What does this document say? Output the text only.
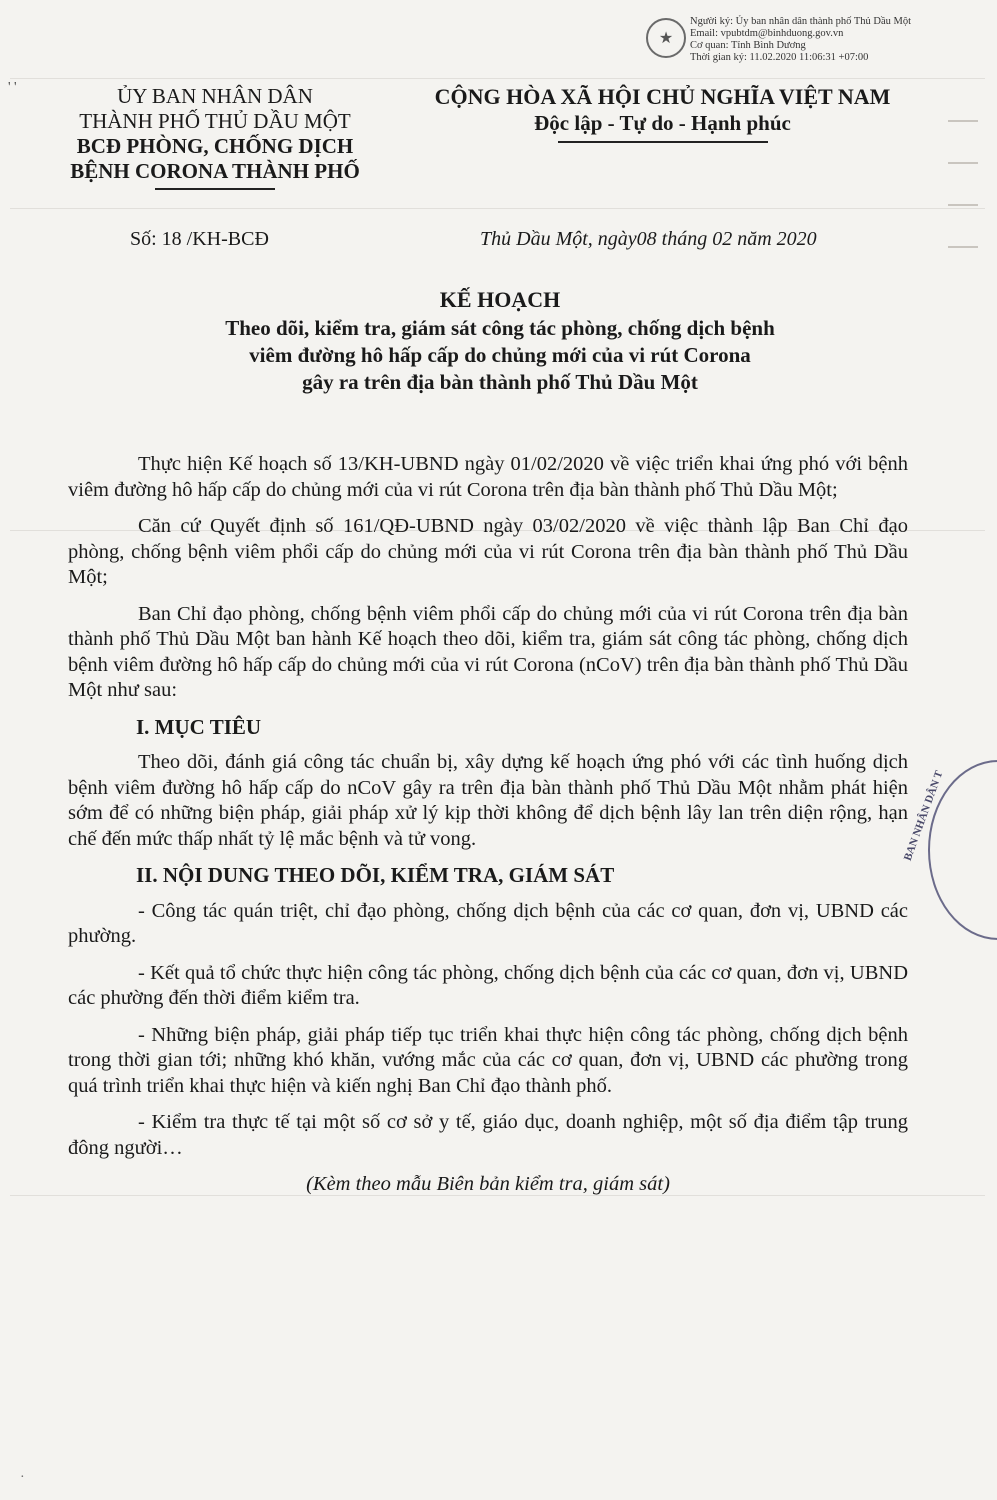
★
Người ký: Ủy ban nhân dân thành phố Thủ Dầu Một
Email: vpubtdm@binhduong.gov.vn
Cơ quan: Tỉnh Bình Dương
Thời gian ký: 11.02.2020 11:06:31 +07:00
' '	ỦY BAN NHÂN DÂN
THÀNH PHỐ THỦ DẦU MỘT
BCĐ PHÒNG, CHỐNG DỊCH
BỆNH CORONA THÀNH PHỐ
CỘNG HÒA XÃ HỘI CHỦ NGHĨA VIỆT NAM
Độc lập - Tự do - Hạnh phúc
Số: 18 /KH-BCĐ	Thủ Dầu Một, ngày08 tháng 02 năm 2020
KẾ HOẠCH
Theo dõi, kiểm tra, giám sát công tác phòng, chống dịch bệnh
viêm đường hô hấp cấp do chủng mới của vi rút Corona
gây ra trên địa bàn thành phố Thủ Dầu Một

Thực hiện Kế hoạch số 13/KH-UBND ngày 01/02/2020 về việc triển khai ứng phó với bệnh viêm đường hô hấp cấp do chủng mới của vi rút Corona trên địa bàn thành phố Thủ Dầu Một;

Căn cứ Quyết định số 161/QĐ-UBND ngày 03/02/2020 về việc thành lập Ban Chỉ đạo phòng, chống bệnh viêm phổi cấp do chủng mới của vi rút Corona trên địa bàn thành phố Thủ Dầu Một;

Ban Chỉ đạo phòng, chống bệnh viêm phổi cấp do chủng mới của vi rút Corona trên địa bàn thành phố Thủ Dầu Một ban hành Kế hoạch theo dõi, kiểm tra, giám sát công tác phòng, chống dịch bệnh viêm đường hô hấp cấp do chủng mới của vi rút Corona (nCoV) trên địa bàn thành phố Thủ Dầu Một như sau:

I. MỤC TIÊU

Theo dõi, đánh giá công tác chuẩn bị, xây dựng kế hoạch ứng phó với các tình huống dịch bệnh viêm đường hô hấp cấp do nCoV gây ra trên địa bàn thành phố Thủ Dầu Một nhằm phát hiện sớm để có những biện pháp, giải pháp xử lý kịp thời không để dịch bệnh lây lan trên diện rộng, hạn chế đến mức thấp nhất tỷ lệ mắc bệnh và tử vong.

II. NỘI DUNG THEO DÕI, KIỂM TRA, GIÁM SÁT

- Công tác quán triệt, chỉ đạo phòng, chống dịch bệnh của các cơ quan, đơn vị, UBND các phường.

- Kết quả tổ chức thực hiện công tác phòng, chống dịch bệnh của các cơ quan, đơn vị, UBND các phường đến thời điểm kiểm tra.

- Những biện pháp, giải pháp tiếp tục triển khai thực hiện công tác phòng, chống dịch bệnh trong thời gian tới; những khó khăn, vướng mắc của các cơ quan, đơn vị, UBND các phường trong quá trình triển khai thực hiện và kiến nghị Ban Chỉ đạo thành phố.

- Kiểm tra thực tế tại một số cơ sở y tế, giáo dục, doanh nghiệp, một số địa điểm tập trung đông người…

(Kèm theo mẫu Biên bản kiểm tra, giám sát)

BAN NHÂN DÂN T
·
